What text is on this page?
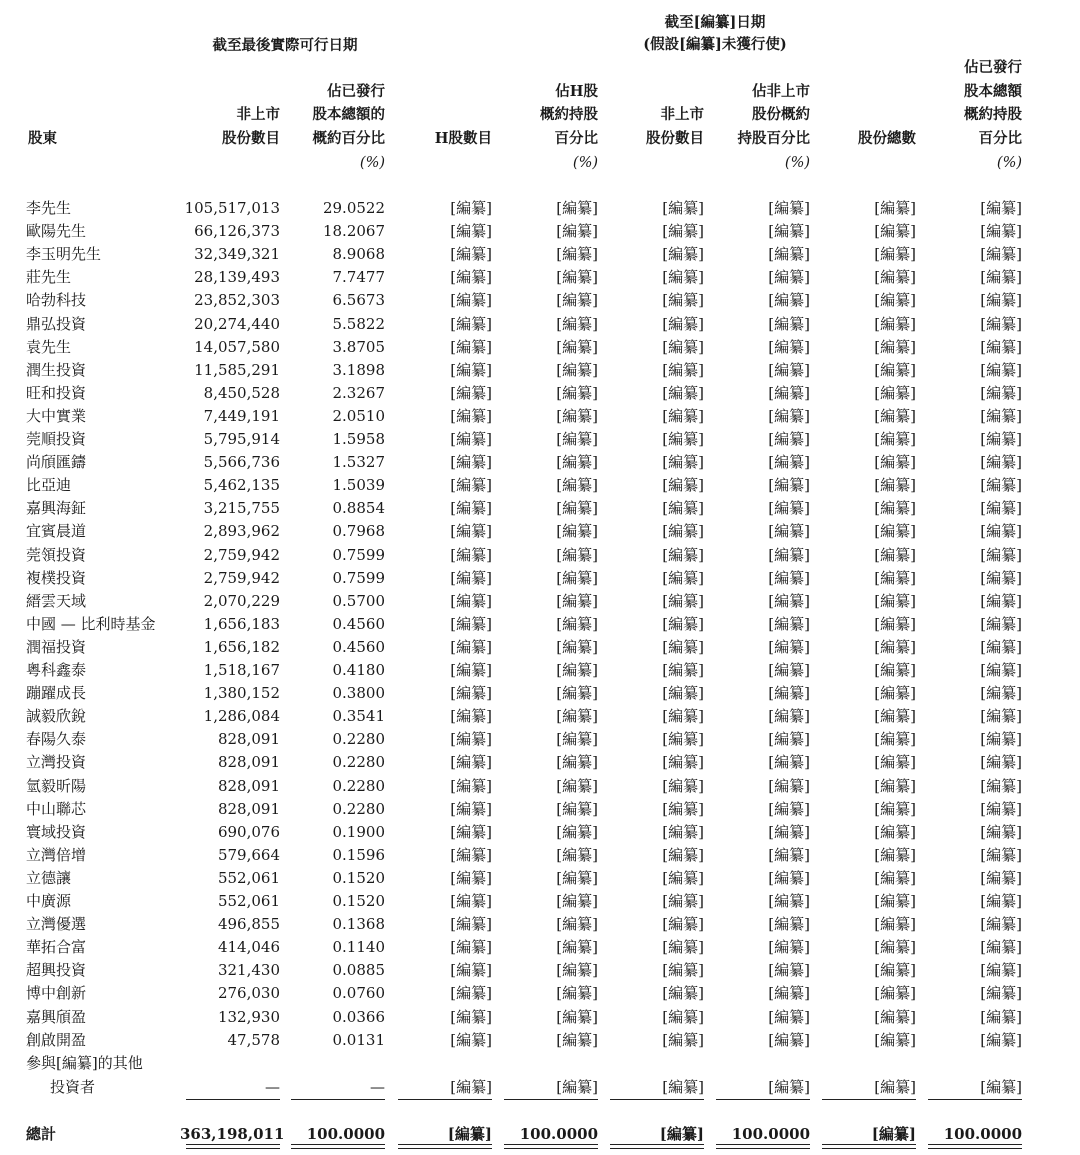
截至最後實際可行日期
截至[編纂]日期
(假設[編纂]未獲行使)
股東
非上市
股份數目
佔已發行
股本總額的
概約百分比
(%)
H股數目
佔H股
概約持股
百分比
(%)
非上市
股份數目
佔非上市
股份概約
持股百分比
(%)
股份總數
佔已發行
股本總額
概約持股
百分比
(%)
李先生	105,517,013	29.0522	[編纂]	[編纂]	[編纂]	[編纂]	[編纂]	[編纂]
歐陽先生	66,126,373	18.2067	[編纂]	[編纂]	[編纂]	[編纂]	[編纂]	[編纂]
李玉明先生	32,349,321	8.9068	[編纂]	[編纂]	[編纂]	[編纂]	[編纂]	[編纂]
莊先生	28,139,493	7.7477	[編纂]	[編纂]	[編纂]	[編纂]	[編纂]	[編纂]
哈勃科技	23,852,303	6.5673	[編纂]	[編纂]	[編纂]	[編纂]	[編纂]	[編纂]
鼎弘投資	20,274,440	5.5822	[編纂]	[編纂]	[編纂]	[編纂]	[編纂]	[編纂]
袁先生	14,057,580	3.8705	[編纂]	[編纂]	[編纂]	[編纂]	[編纂]	[編纂]
潤生投資	11,585,291	3.1898	[編纂]	[編纂]	[編纂]	[編纂]	[編纂]	[編纂]
旺和投資	8,450,528	2.3267	[編纂]	[編纂]	[編纂]	[編纂]	[編纂]	[編纂]
大中實業	7,449,191	2.0510	[編纂]	[編纂]	[編纂]	[編纂]	[編纂]	[編纂]
莞順投資	5,795,914	1.5958	[編纂]	[編纂]	[編纂]	[編纂]	[編纂]	[編纂]
尚頎匯鑄	5,566,736	1.5327	[編纂]	[編纂]	[編纂]	[編纂]	[編纂]	[編纂]
比亞迪	5,462,135	1.5039	[編纂]	[編纂]	[編纂]	[編纂]	[編纂]	[編纂]
嘉興海鉦	3,215,755	0.8854	[編纂]	[編纂]	[編纂]	[編纂]	[編纂]	[編纂]
宜賓晨道	2,893,962	0.7968	[編纂]	[編纂]	[編纂]	[編纂]	[編纂]	[編纂]
莞領投資	2,759,942	0.7599	[編纂]	[編纂]	[編纂]	[編纂]	[編纂]	[編纂]
複樸投資	2,759,942	0.7599	[編纂]	[編纂]	[編纂]	[編纂]	[編纂]	[編纂]
縉雲天域	2,070,229	0.5700	[編纂]	[編纂]	[編纂]	[編纂]	[編纂]	[編纂]
中國 — 比利時基金	1,656,183	0.4560	[編纂]	[編纂]	[編纂]	[編纂]	[編纂]	[編纂]
潤福投資	1,656,182	0.4560	[編纂]	[編纂]	[編纂]	[編纂]	[編纂]	[編纂]
粵科鑫泰	1,518,167	0.4180	[編纂]	[編纂]	[編纂]	[編纂]	[編纂]	[編纂]
蹦躍成長	1,380,152	0.3800	[編纂]	[編纂]	[編纂]	[編纂]	[編纂]	[編纂]
誠毅欣銳	1,286,084	0.3541	[編纂]	[編纂]	[編纂]	[編纂]	[編纂]	[編纂]
春陽久泰	828,091	0.2280	[編纂]	[編纂]	[編纂]	[編纂]	[編纂]	[編纂]
立灣投資	828,091	0.2280	[編纂]	[編纂]	[編纂]	[編纂]	[編纂]	[編纂]
氫毅昕陽	828,091	0.2280	[編纂]	[編纂]	[編纂]	[編纂]	[編纂]	[編纂]
中山聯芯	828,091	0.2280	[編纂]	[編纂]	[編纂]	[編纂]	[編纂]	[編纂]
寰域投資	690,076	0.1900	[編纂]	[編纂]	[編纂]	[編纂]	[編纂]	[編纂]
立灣倍增	579,664	0.1596	[編纂]	[編纂]	[編纂]	[編纂]	[編纂]	[編纂]
立德讓	552,061	0.1520	[編纂]	[編纂]	[編纂]	[編纂]	[編纂]	[編纂]
中廣源	552,061	0.1520	[編纂]	[編纂]	[編纂]	[編纂]	[編纂]	[編纂]
立灣優選	496,855	0.1368	[編纂]	[編纂]	[編纂]	[編纂]	[編纂]	[編纂]
華拓合富	414,046	0.1140	[編纂]	[編纂]	[編纂]	[編纂]	[編纂]	[編纂]
超興投資	321,430	0.0885	[編纂]	[編纂]	[編纂]	[編纂]	[編纂]	[編纂]
博中創新	276,030	0.0760	[編纂]	[編纂]	[編纂]	[編纂]	[編纂]	[編纂]
嘉興頎盈	132,930	0.0366	[編纂]	[編纂]	[編纂]	[編纂]	[編纂]	[編纂]
創啟開盈	47,578	0.0131	[編纂]	[編纂]	[編纂]	[編纂]	[編纂]	[編纂]
參與[編纂]的其他
投資者	—	—	[編纂]	[編纂]	[編纂]	[編纂]	[編纂]	[編纂]
總計	363,198,011	100.0000	[編纂]	100.0000	[編纂]	100.0000	[編纂]	100.0000
